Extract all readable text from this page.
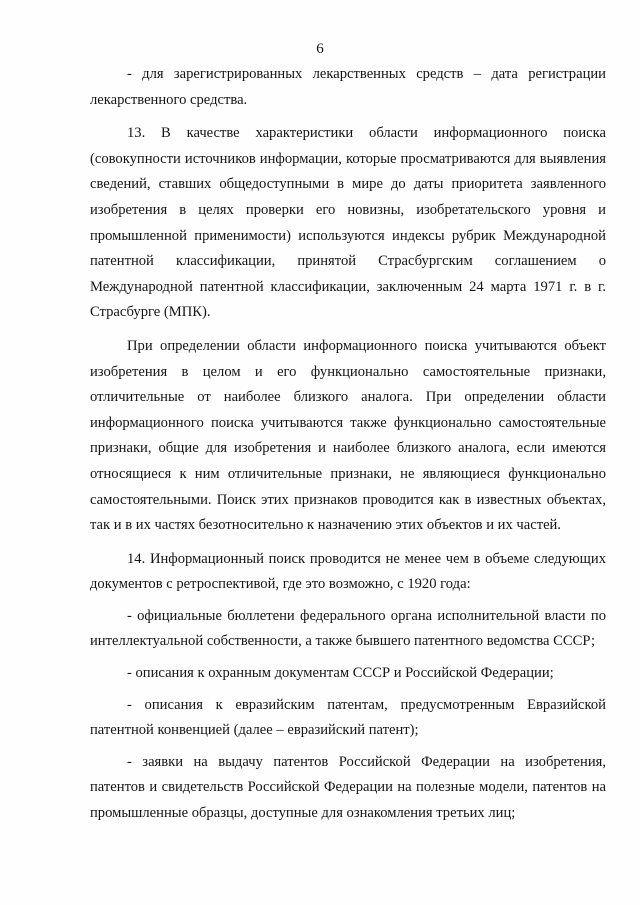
6

- для зарегистрированных лекарственных средств – дата регистрации лекарственного средства.

13. В качестве характеристики области информационного поиска (совокупности источников информации, которые просматриваются для выявления сведений, ставших общедоступными в мире до даты приоритета заявленного изобретения в целях проверки его новизны, изобретательского уровня и промышленной применимости) используются индексы рубрик Международной патентной классификации, принятой Страсбургским соглашением о Международной патентной классификации, заключенным 24 марта 1971 г. в г. Страсбурге (МПК).

При определении области информационного поиска учитываются объект изобретения в целом и его функционально самостоятельные признаки, отличительные от наиболее близкого аналога. При определении области информационного поиска учитываются также функционально самостоятельные признаки, общие для изобретения и наиболее близкого аналога, если имеются относящиеся к ним отличительные признаки, не являющиеся функционально самостоятельными. Поиск этих признаков проводится как в известных объектах, так и в их частях безотносительно к назначению этих объектов и их частей.

14. Информационный поиск проводится не менее чем в объеме следующих документов с ретроспективой, где это возможно, с 1920 года:

- официальные бюллетени федерального органа исполнительной власти по интеллектуальной собственности, а также бывшего патентного ведомства СССР;

- описания к охранным документам СССР и Российской Федерации;

- описания к евразийским патентам, предусмотренным Евразийской патентной конвенцией (далее – евразийский патент);

- заявки на выдачу патентов Российской Федерации на изобретения, патентов и свидетельств Российской Федерации на полезные модели, патентов на промышленные образцы, доступные для ознакомления третьих лиц;
